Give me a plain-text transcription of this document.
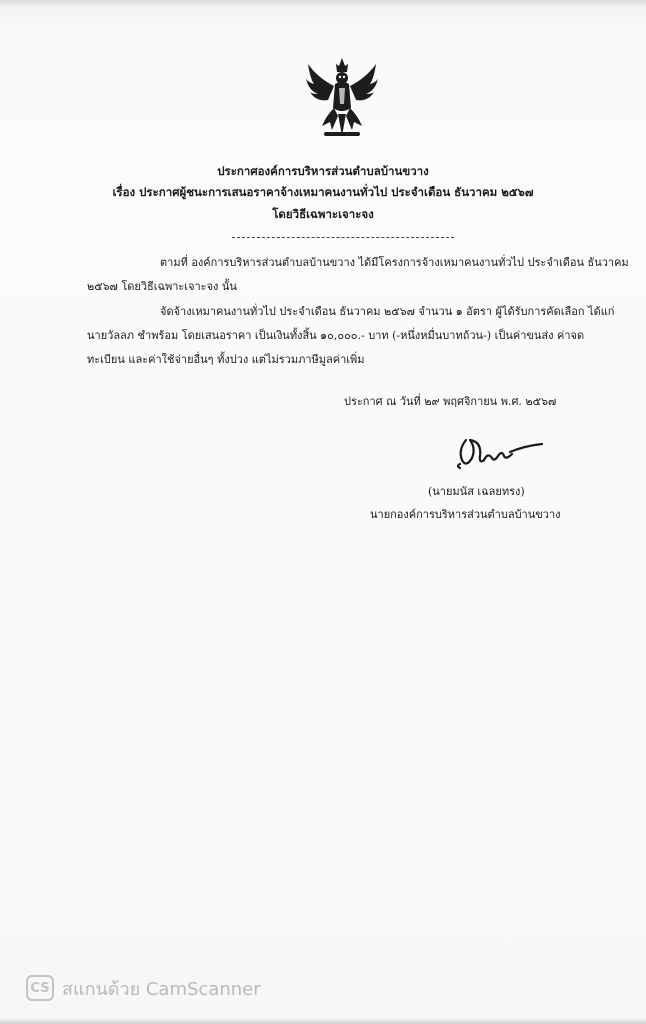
ประกาศองค์การบริหารส่วนตำบลบ้านขวาง
เรื่อง ประกาศผู้ชนะการเสนอราคาจ้างเหมาคนงานทั่วไป ประจำเดือน ธันวาคม ๒๕๖๗
โดยวิธีเฉพาะเจาะจง
ตามที่ องค์การบริหารส่วนตำบลบ้านขวาง ได้มีโครงการจ้างเหมาคนงานทั่วไป ประจำเดือน ธันวาคม
๒๕๖๗ โดยวิธีเฉพาะเจาะจง นั้น
จัดจ้างเหมาคนงานทั่วไป ประจำเดือน ธันวาคม ๒๕๖๗ จำนวน ๑ อัตรา ผู้ได้รับการคัดเลือก ได้แก่
นายวัลลภ ชำพร้อม โดยเสนอราคา เป็นเงินทั้งสิ้น ๑๐,๐๐๐.- บาท (-หนึ่งหมื่นบาทถ้วน-) เป็นค่าขนส่ง ค่าจด
ทะเบียน และค่าใช้จ่ายอื่นๆ ทั้งปวง แต่ไม่รวมภาษีมูลค่าเพิ่ม
ประกาศ ณ วันที่ ๒๙ พฤศจิกายน พ.ศ. ๒๕๖๗
(นายมนัส เฉลยทรง)
นายกองค์การบริหารส่วนตำบลบ้านขวาง
CS สแกนด้วย CamScanner
